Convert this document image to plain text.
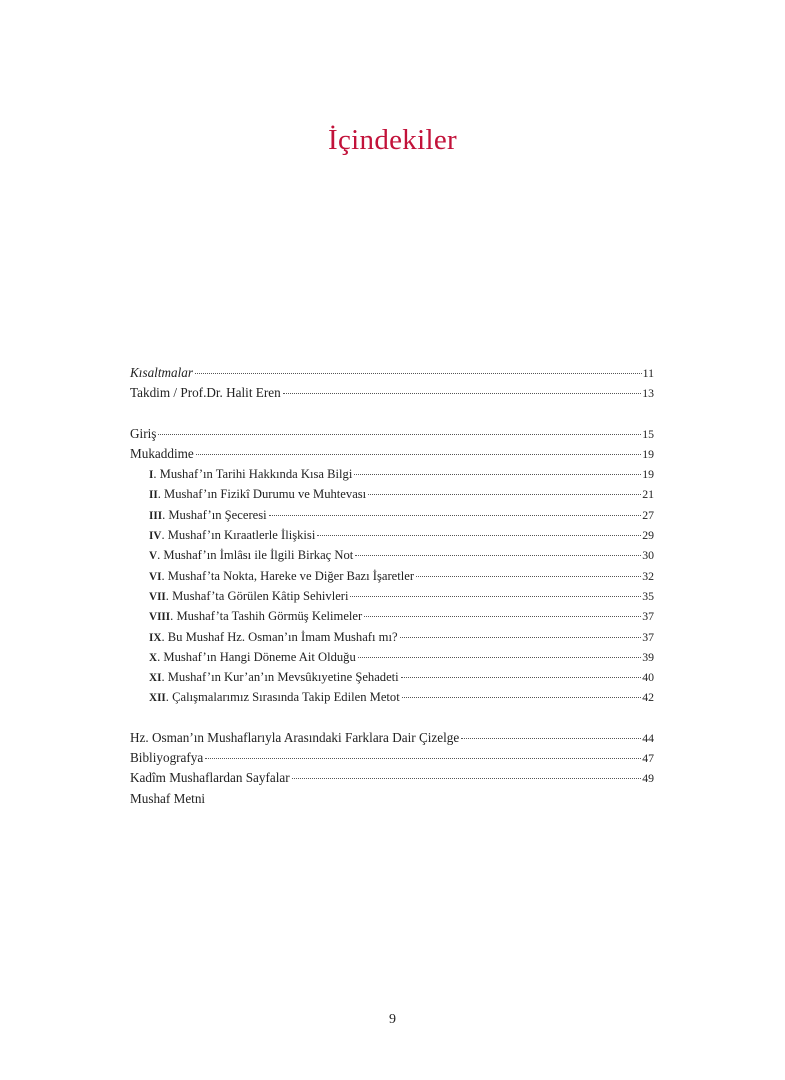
İçindekiler
Kısaltmalar	11
Takdim / Prof.Dr. Halit Eren	13
Giriş	15
Mukaddime	19
I. Mushaf’ın Tarihi Hakkında Kısa Bilgi	19
II. Mushaf’ın Fizikî Durumu ve Muhtevası	21
III. Mushaf’ın Şeceresi	27
IV. Mushaf’ın Kıraatlerle İlişkisi	29
V. Mushaf’ın İmlâsı ile İlgili Birkaç Not	30
VI. Mushaf’ta Nokta, Hareke ve Diğer Bazı İşaretler	32
VII. Mushaf’ta Görülen Kâtip Sehivleri	35
VIII. Mushaf’ta Tashih Görmüş Kelimeler	37
IX. Bu Mushaf Hz. Osman’ın İmam Mushafı mı?	37
X. Mushaf’ın Hangi Döneme Ait Olduğu	39
XI. Mushaf’ın Kur’an’ın Mevsûkıyetine Şehadeti	40
XII. Çalışmalarımız Sırasında Takip Edilen Metot	42
Hz. Osman’ın Mushaflarıyla Arasındaki Farklara Dair Çizelge	44
Bibliyografya	47
Kadîm Mushaflardan Sayfalar	49
Mushaf Metni
9
